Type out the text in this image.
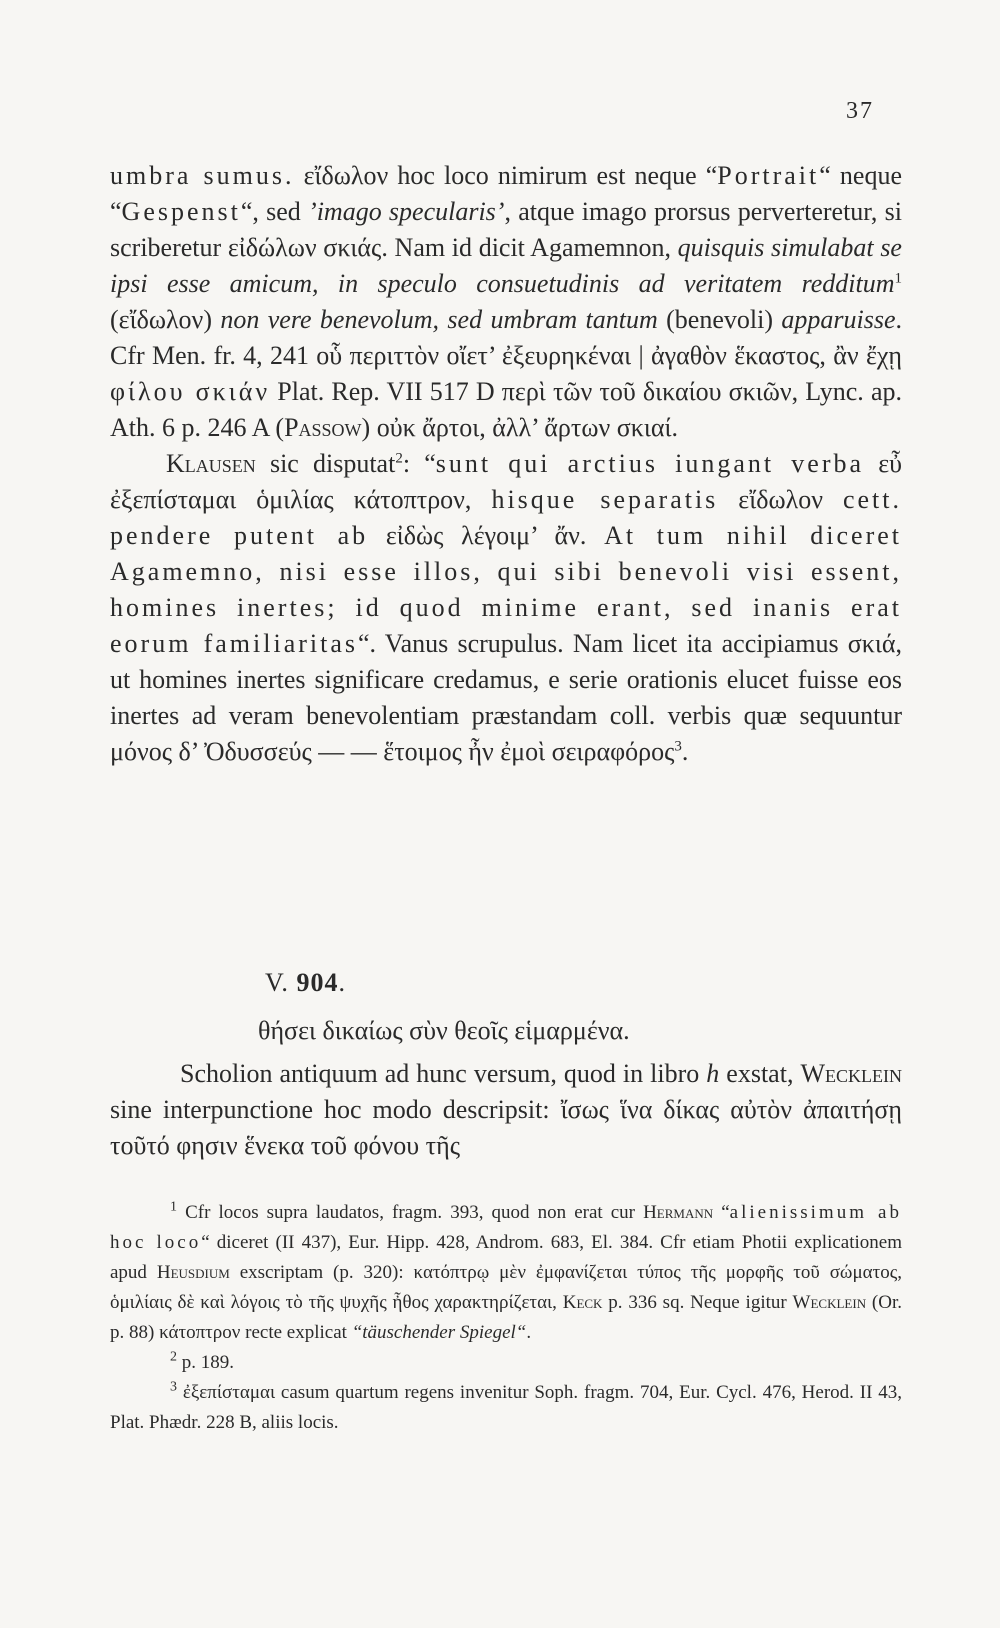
37

umbra sumus. εἴδωλον hoc loco nimirum est neque “Portrait“ neque “Gespenst“, sed ’imago specularis’, atque imago prorsus perverteretur, si scriberetur εἰδώλων σκιάς. Nam id dicit Agamemnon, quisquis simulabat se ipsi esse amicum, in speculo consuetudinis ad veritatem redditum$^1$ (εἴδωλον) non vere benevolum, sed umbram tantum (benevoli) apparuisse. Cfr Men. fr. 4, 241 οὗ περιττὸν οἴετ’ ἐξευρηκέναι | ἀγαθὸν ἕκαστος, ἂν ἔχῃ φίλου σκιάν Plat. Rep. VII 517 D περὶ τῶν τοῦ δικαίου σκιῶν, Lync. ap. Ath. 6 p. 246 A (Passow) οὐκ ἄρτοι, ἀλλ’ ἄρτων σκιαί.

Klausen sic disputat$^2$: “sunt qui arctius iungant verba εὖ ἐξεπίσταμαι ὁμιλίας κάτοπτρον, hisque separatis εἴδωλον cett. pendere putent ab εἰδὼς λέγοιμ’ ἄν. At tum nihil diceret Agamemno, nisi esse illos, qui sibi benevoli visi essent, homines inertes; id quod minime erant, sed inanis erat eorum familiaritas“. Vanus scrupulus. Nam licet ita accipiamus σκιά, ut homines inertes significare credamus, e serie orationis elucet fuisse eos inertes ad veram benevolentiam præstandam coll. verbis quæ sequuntur μόνος δ’ Ὀδυσσεύς — — ἕτοιμος ἦν ἐμοὶ σειραφόρος$^3$.

V. 904.
θήσει δικαίως σὺν θεοῖς εἱμαρμένα.

Scholion antiquum ad hunc versum, quod in libro h exstat, Wecklein sine interpunctione hoc modo descripsit: ἴσως ἵνα δίκας αὐτὸν ἀπαιτήσῃ τοῦτό φησιν ἕνεκα τοῦ φόνου τῆς

$^1$ Cfr locos supra laudatos, fragm. 393, quod non erat cur Hermann “alienissimum ab hoc loco“ diceret (II 437), Eur. Hipp. 428, Androm. 683, El. 384. Cfr etiam Photii explicationem apud Heusdium exscriptam (p. 320): κατόπτρῳ μὲν ἐμφανίζεται τύπος τῆς μορφῆς τοῦ σώματος, ὁμιλίαις δὲ καὶ λόγοις τὸ τῆς ψυχῆς ἦθος χαρακτηρίζεται, Keck p. 336 sq. Neque igitur Wecklein (Or. p. 88) κάτοπτρον recte explicat “täuschender Spiegel“.

$^2$ p. 189.

$^3$ ἐξεπίσταμαι casum quartum regens invenitur Soph. fragm. 704, Eur. Cycl. 476, Herod. II 43, Plat. Phædr. 228 B, aliis locis.
